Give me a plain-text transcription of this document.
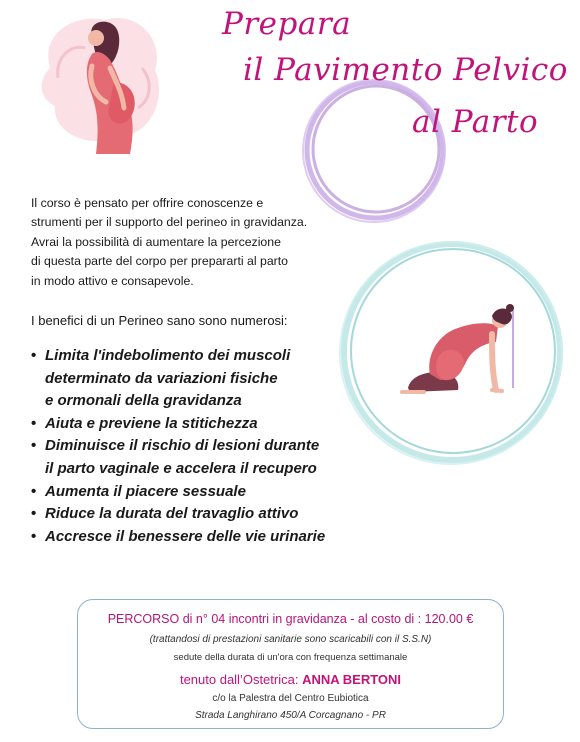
Prepara
il Pavimento Pelvico
al Parto
Il corso è pensato per offrire conoscenze e
strumenti per il supporto del perineo in gravidanza.
Avrai la possibilità di aumentare la percezione
di questa parte del corpo per prepararti al parto
in modo attivo e consapevole.
I benefici di un Perineo sano sono numerosi:
• Limita l'indebolimento dei muscoli
determinato da variazioni fisiche
e ormonali della gravidanza
• Aiuta e previene la stitichezza
• Diminuisce il rischio di lesioni durante
il parto vaginale e accelera il recupero
• Aumenta il piacere sessuale
• Riduce la durata del travaglio attivo
• Accresce il benessere delle vie urinarie
PERCORSO di n° 04 incontri in gravidanza - al costo di : 120.00 €
(trattandosi di prestazioni sanitarie sono scaricabili con il S.S.N)
sedute della durata di un'ora con frequenza settimanale
tenuto dall’Ostetrica: ANNA BERTONI
c/o la Palestra del Centro Eubiotica
Strada Langhirano 450/A Corcagnano - PR
